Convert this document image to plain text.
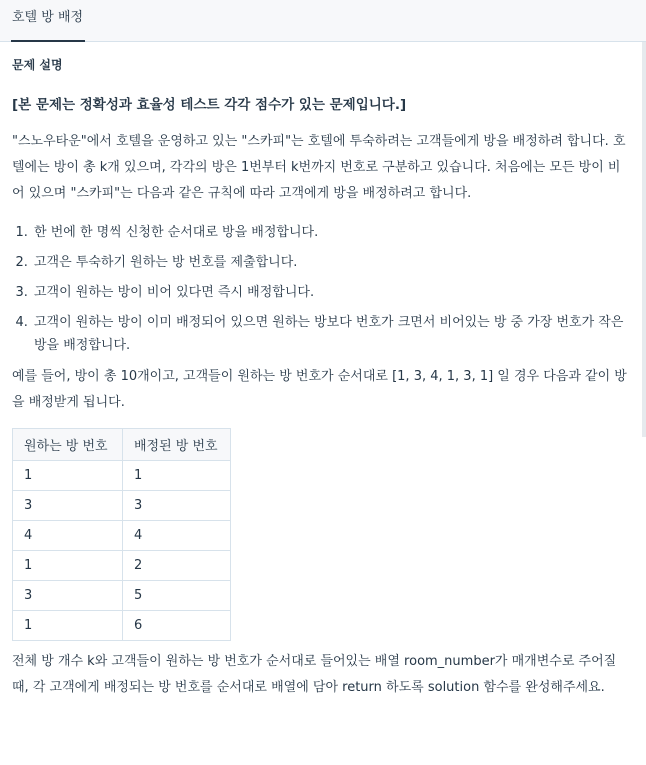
호텔 방 배정
문제 설명
[본 문제는 정확성과 효율성 테스트 각각 점수가 있는 문제입니다.]

"스노우타운"에서 호텔을 운영하고 있는 "스카피"는 호텔에 투숙하려는 고객들에게 방을 배정하려 합니다. 호텔에는 방이 총 k개 있으며, 각각의 방은 1번부터 k번까지 번호로 구분하고 있습니다. 처음에는 모든 방이 비어 있으며 "스카피"는 다음과 같은 규칙에 따라 고객에게 방을 배정하려고 합니다.

1. 한 번에 한 명씩 신청한 순서대로 방을 배정합니다.
2. 고객은 투숙하기 원하는 방 번호를 제출합니다.
3. 고객이 원하는 방이 비어 있다면 즉시 배정합니다.
4. 고객이 원하는 방이 이미 배정되어 있으면 원하는 방보다 번호가 크면서 비어있는 방 중 가장 번호가 작은 방을 배정합니다.

예를 들어, 방이 총 10개이고, 고객들이 원하는 방 번호가 순서대로 [1, 3, 4, 1, 3, 1] 일 경우 다음과 같이 방을 배정받게 됩니다.

원하는 방 번호	배정된 방 번호
1	1
3	3
4	4
1	2
3	5
1	6

전체 방 개수 k와 고객들이 원하는 방 번호가 순서대로 들어있는 배열 room_number가 매개변수로 주어질 때, 각 고객에게 배정되는 방 번호를 순서대로 배열에 담아 return 하도록 solution 함수를 완성해주세요.
